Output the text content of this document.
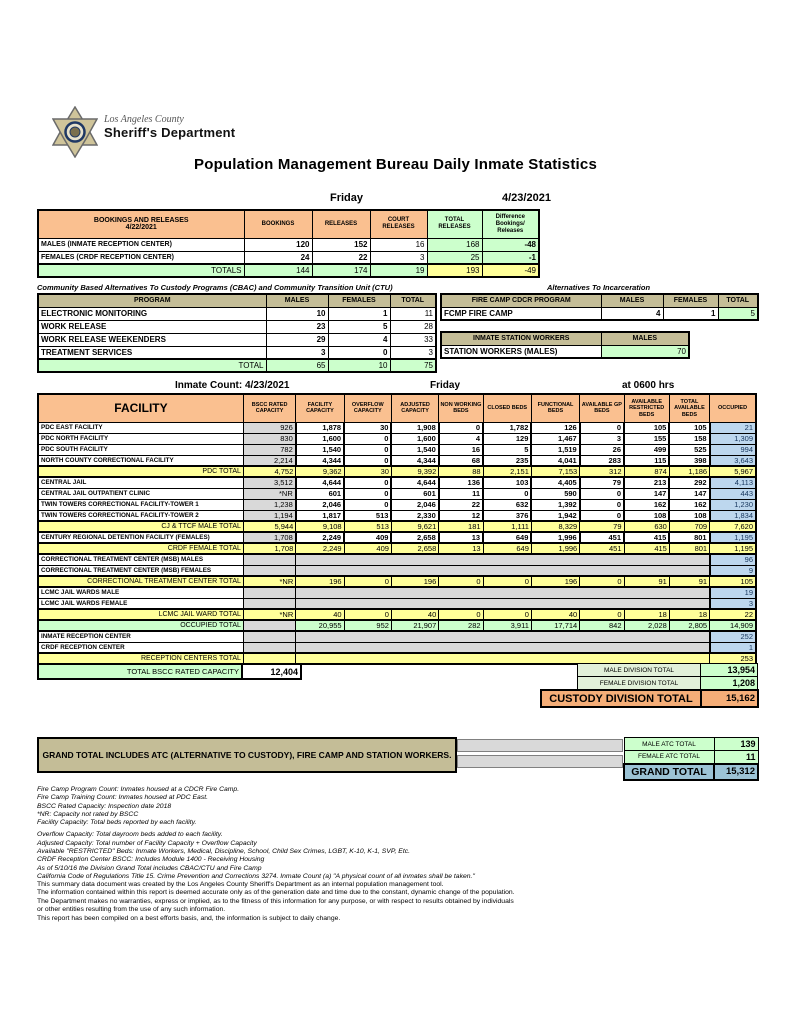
Los Angeles County
Sheriff's Department
Population Management Bureau Daily Inmate Statistics
Friday	4/23/2021
BOOKINGS AND RELEASES
4/22/2021	BOOKINGS	RELEASES	COURT RELEASES	TOTAL RELEASES	Difference Bookings/ Releases
MALES (INMATE RECEPTION CENTER)	120	152	16	168	-48
FEMALES (CRDF RECEPTION CENTER)	24	22	3	25	-1
TOTALS	144	174	19	193	-49
Community Based Alternatives To Custody Programs (CBAC) and Community Transition Unit (CTU)
PROGRAM	MALES	FEMALES	TOTAL
ELECTRONIC MONITORING	10	1	11
WORK RELEASE	23	5	28
WORK RELEASE WEEKENDERS	29	4	33
TREATMENT SERVICES	3	0	3
TOTAL	65	10	75
Alternatives To Incarceration
FIRE CAMP CDCR PROGRAM	MALES	FEMALES	TOTAL
FCMP FIRE CAMP	4	1	5
INMATE STATION WORKERS	MALES
STATION WORKERS (MALES)	70
Inmate Count: 4/23/2021	Friday	at 0600 hrs
FACILITY	BSCC RATED CAPACITY	FACILITY CAPACITY	OVERFLOW CAPACITY	ADJUSTED CAPACITY	NON WORKING BEDS	CLOSED BEDS	FUNCTIONAL BEDS	AVAILABLE GP BEDS	AVAILABLE RESTRICTED BEDS	TOTAL AVAILABLE BEDS	OCCUPIED
PDC EAST FACILITY	926	1,878	30	1,908	0	1,782	126	0	105	105	21
PDC NORTH FACILITY	830	1,600	0	1,600	4	129	1,467	3	155	158	1,309
PDC SOUTH FACILITY	782	1,540	0	1,540	16	5	1,519	26	499	525	994
NORTH COUNTY CORRECTIONAL FACILITY	2,214	4,344	0	4,344	68	235	4,041	283	115	398	3,643
PDC TOTAL	4,752	9,362	30	9,392	88	2,151	7,153	312	874	1,186	5,967
CENTRAL JAIL	3,512	4,644	0	4,644	136	103	4,405	79	213	292	4,113
CENTRAL JAIL OUTPATIENT CLINIC	*NR	601	0	601	11	0	590	0	147	147	443
TWIN TOWERS CORRECTIONAL FACILITY-TOWER 1	1,238	2,046	0	2,046	22	632	1,392	0	162	162	1,230
TWIN TOWERS CORRECTIONAL FACILITY-TOWER 2	1,194	1,817	513	2,330	12	376	1,942	0	108	108	1,834
CJ & TTCF MALE TOTAL	5,944	9,108	513	9,621	181	1,111	8,329	79	630	709	7,620
CENTURY REGIONAL DETENTION FACILITY (FEMALES)	1,708	2,249	409	2,658	13	649	1,996	451	415	801	1,195
CRDF FEMALE TOTAL	1,708	2,249	409	2,658	13	649	1,996	451	415	801	1,195
CORRECTIONAL TREATMENT CENTER (MSB) MALES											96
CORRECTIONAL TREATMENT CENTER (MSB) FEMALES											9
CORRECTIONAL TREATMENT CENTER TOTAL	*NR	196	0	196	0	0	196	0	91	91	105
LCMC JAIL WARDS MALE											19
LCMC JAIL WARDS FEMALE											3
LCMC JAIL WARD TOTAL	*NR	40	0	40	0	0	40	0	18	18	22
OCCUPIED TOTAL		20,955	952	21,907	282	3,911	17,714	842	2,028	2,805	14,909
INMATE RECEPTION CENTER											252
CRDF RECEPTION CENTER											1
RECEPTION CENTERS TOTAL											253
TOTAL BSCC RATED CAPACITY	12,404	MALE DIVISION TOTAL	13,954
FEMALE DIVISION TOTAL	1,208
CUSTODY DIVISION TOTAL	15,162
GRAND TOTAL INCLUDES ATC (ALTERNATIVE TO CUSTODY), FIRE CAMP AND STATION WORKERS.
MALE ATC TOTAL	139
FEMALE ATC TOTAL	11
GRAND TOTAL	15,312
Fire Camp Program Count: Inmates housed at a CDCR Fire Camp.
Fire Camp Training Count: Inmates housed at PDC East.
BSCC Rated Capacity: Inspection date 2018
*NR: Capacity not rated by BSCC
Facility Capacity: Total beds reported by each facility.
Overflow Capacity: Total dayroom beds added to each facility.
Adjusted Capacity: Total number of Facility Capacity + Overflow Capacity
Available "RESTRICTED" Beds: Inmate Workers, Medical, Discipline, School, Child Sex Crimes, LGBT, K-10, K-1, SVP, Etc.
CRDF Reception Center BSCC: Includes Module 1400 - Receiving Housing
As of 5/10/16 the Division Grand Total includes CBAC/CTU and Fire Camp
California Code of Regulations Title 15. Crime Prevention and Corrections 3274. Inmate Count (a) "A physical count of all inmates shall be taken."
This summary data document was created by the Los Angeles County Sheriff's Department as an internal population management tool.
The information contained within this report is deemed accurate only as of the generation date and time due to the constant, dynamic change of the population.
The Department makes no warranties, express or implied, as to the fitness of this information for any purpose, or with respect to results obtained by individuals
or other entities resulting from the use of any such information.
This report has been compiled on a best efforts basis, and, the information is subject to daily change.
